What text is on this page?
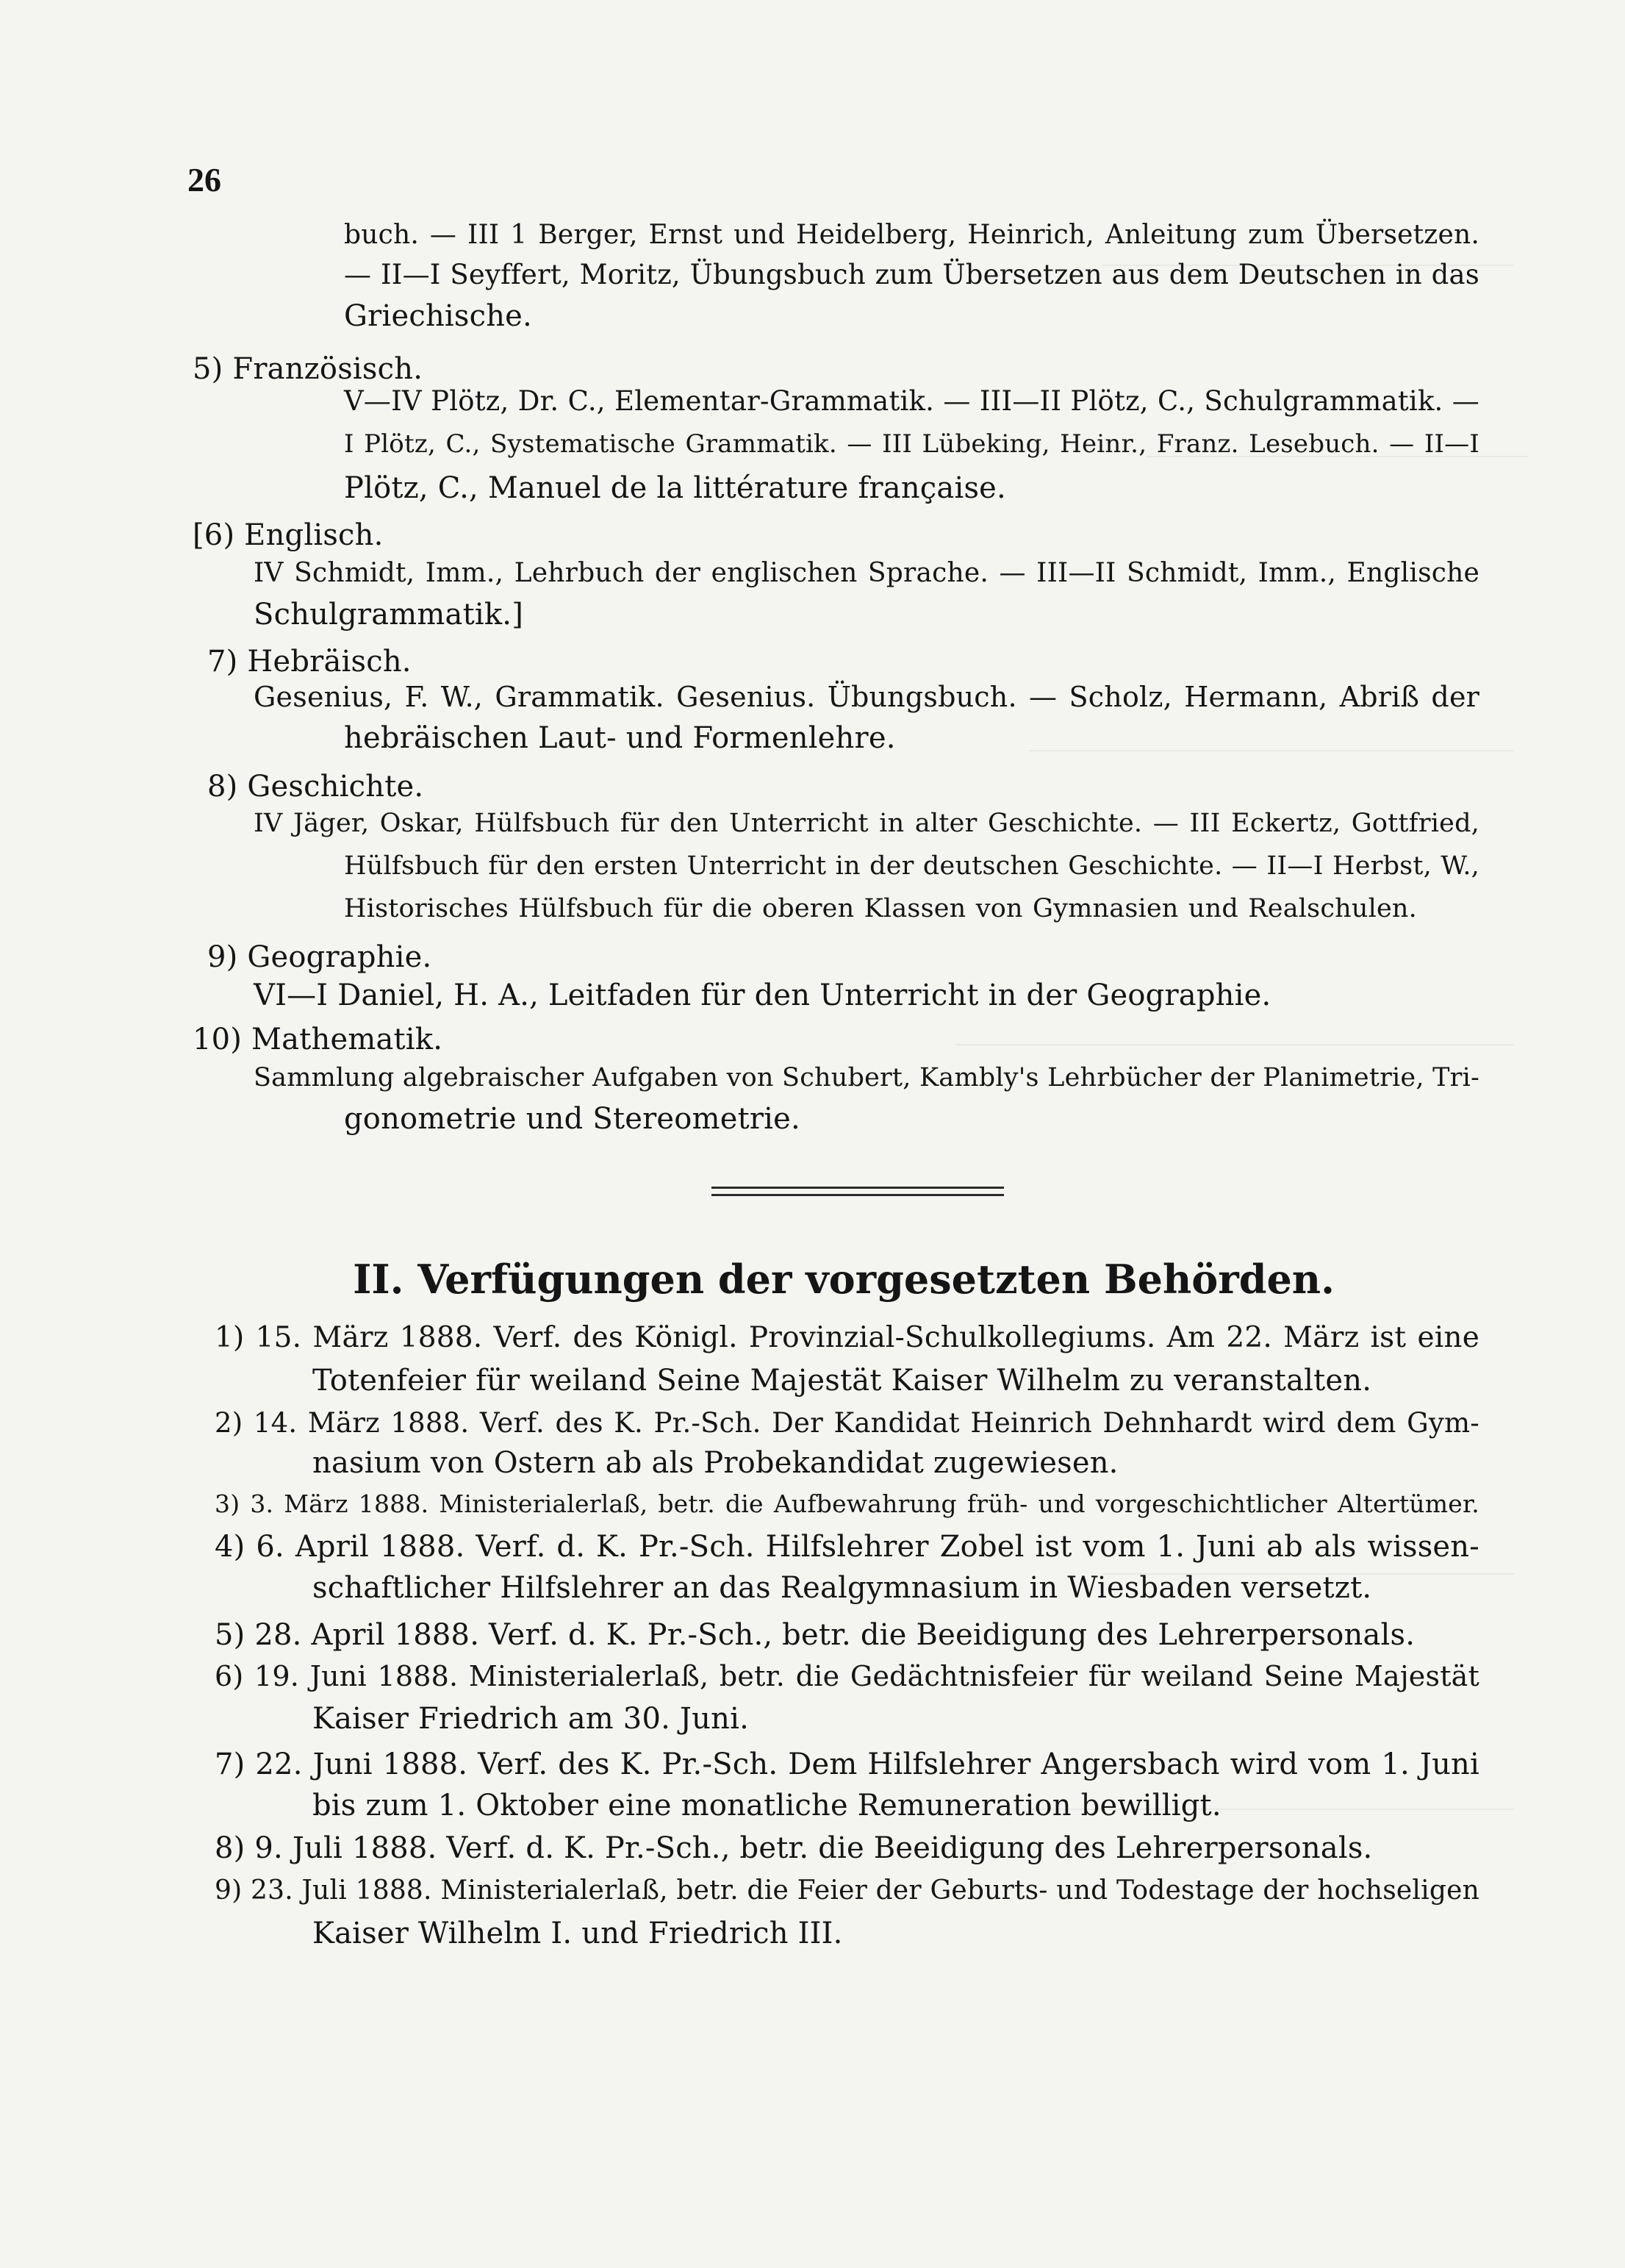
26
buch. — III 1 Berger, Ernst und Heidelberg, Heinrich, Anleitung zum Übersetzen.
— II—I Seyffert, Moritz, Übungsbuch zum Übersetzen aus dem Deutschen in das
Griechische.
5) Französisch.
V—IV Plötz, Dr. C., Elementar-Grammatik. — III—II Plötz, C., Schulgrammatik. —
I Plötz, C., Systematische Grammatik. — III Lübeking, Heinr., Franz. Lesebuch. — II—I
Plötz, C., Manuel de la littérature française.
[6) Englisch.
IV Schmidt, Imm., Lehrbuch der englischen Sprache. — III—II Schmidt, Imm., Englische
Schulgrammatik.]
7) Hebräisch.
Gesenius, F. W., Grammatik. Gesenius. Übungsbuch. — Scholz, Hermann, Abriß der
hebräischen Laut- und Formenlehre.
8) Geschichte.
IV Jäger, Oskar, Hülfsbuch für den Unterricht in alter Geschichte. — III Eckertz, Gottfried,
Hülfsbuch für den ersten Unterricht in der deutschen Geschichte. — II—I Herbst, W.,
Historisches Hülfsbuch für die oberen Klassen von Gymnasien und Realschulen.
9) Geographie.
VI—I Daniel, H. A., Leitfaden für den Unterricht in der Geographie.
10) Mathematik.
Sammlung algebraischer Aufgaben von Schubert, Kambly's Lehrbücher der Planimetrie, Tri-
gonometrie und Stereometrie.
II. Verfügungen der vorgesetzten Behörden.
1) 15. März 1888. Verf. des Königl. Provinzial-Schulkollegiums. Am 22. März ist eine
Totenfeier für weiland Seine Majestät Kaiser Wilhelm zu veranstalten.
2) 14. März 1888. Verf. des K. Pr.-Sch. Der Kandidat Heinrich Dehnhardt wird dem Gym-
nasium von Ostern ab als Probekandidat zugewiesen.
3) 3. März 1888. Ministerialerlaß, betr. die Aufbewahrung früh- und vorgeschichtlicher Altertümer.
4) 6. April 1888. Verf. d. K. Pr.-Sch. Hilfslehrer Zobel ist vom 1. Juni ab als wissen-
schaftlicher Hilfslehrer an das Realgymnasium in Wiesbaden versetzt.
5) 28. April 1888. Verf. d. K. Pr.-Sch., betr. die Beeidigung des Lehrerpersonals.
6) 19. Juni 1888. Ministerialerlaß, betr. die Gedächtnisfeier für weiland Seine Majestät
Kaiser Friedrich am 30. Juni.
7) 22. Juni 1888. Verf. des K. Pr.-Sch. Dem Hilfslehrer Angersbach wird vom 1. Juni
bis zum 1. Oktober eine monatliche Remuneration bewilligt.
8) 9. Juli 1888. Verf. d. K. Pr.-Sch., betr. die Beeidigung des Lehrerpersonals.
9) 23. Juli 1888. Ministerialerlaß, betr. die Feier der Geburts- und Todestage der hochseligen
Kaiser Wilhelm I. und Friedrich III.
